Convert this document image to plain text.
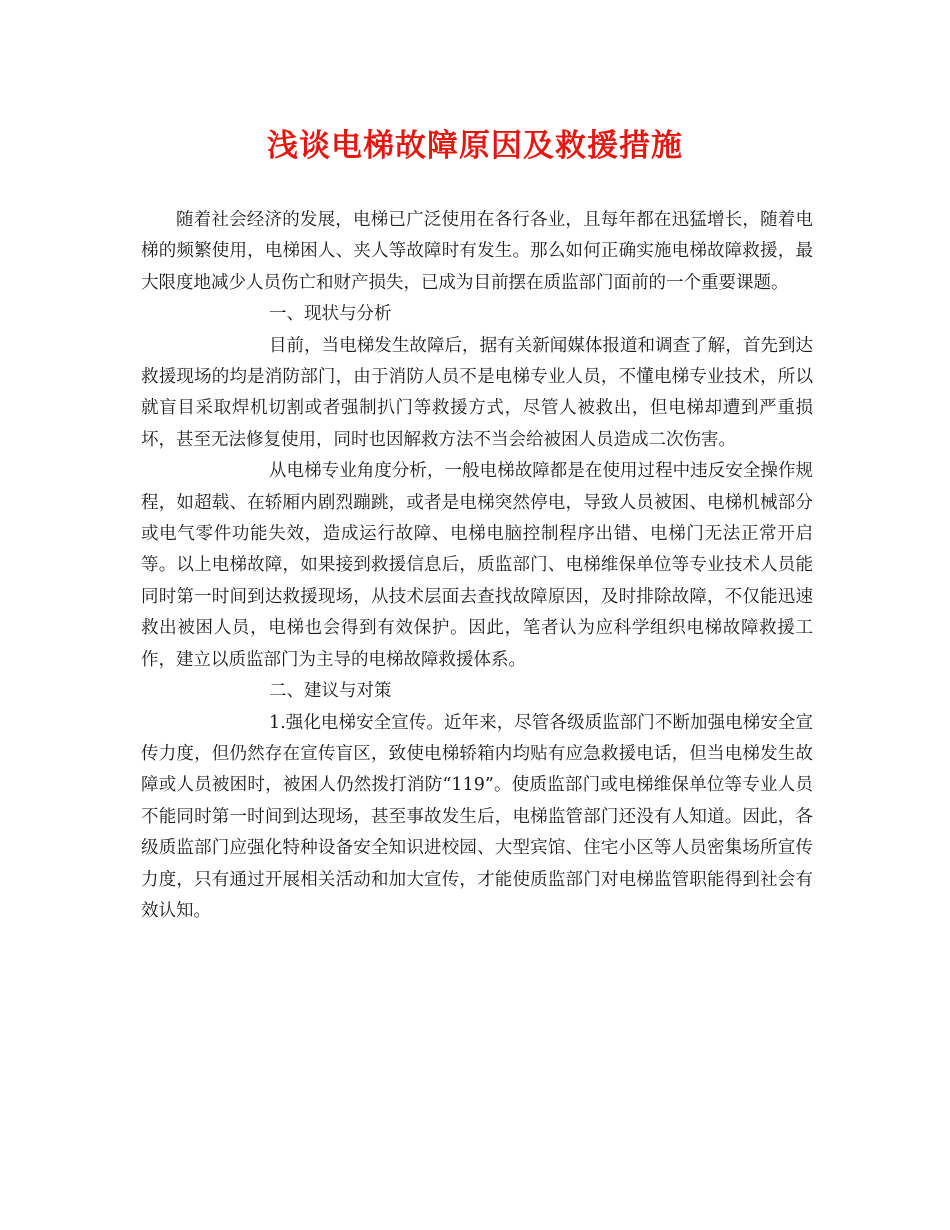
浅谈电梯故障原因及救援措施

随着社会经济的发展，电梯已广泛使用在各行各业，且每年都在迅猛增长，随着电梯的频繁使用，电梯困人、夹人等故障时有发生。那么如何正确实施电梯故障救援，最大限度地减少人员伤亡和财产损失，已成为目前摆在质监部门面前的一个重要课题。

一、现状与分析

目前，当电梯发生故障后，据有关新闻媒体报道和调查了解，首先到达救援现场的均是消防部门，由于消防人员不是电梯专业人员，不懂电梯专业技术，所以就盲目采取焊机切割或者强制扒门等救援方式，尽管人被救出，但电梯却遭到严重损坏，甚至无法修复使用，同时也因解救方法不当会给被困人员造成二次伤害。

从电梯专业角度分析，一般电梯故障都是在使用过程中违反安全操作规程，如超载、在轿厢内剧烈蹦跳，或者是电梯突然停电，导致人员被困、电梯机械部分或电气零件功能失效，造成运行故障、电梯电脑控制程序出错、电梯门无法正常开启等。以上电梯故障，如果接到救援信息后，质监部门、电梯维保单位等专业技术人员能同时第一时间到达救援现场，从技术层面去查找故障原因，及时排除故障，不仅能迅速救出被困人员，电梯也会得到有效保护。因此，笔者认为应科学组织电梯故障救援工作，建立以质监部门为主导的电梯故障救援体系。

二、建议与对策

1.强化电梯安全宣传。近年来，尽管各级质监部门不断加强电梯安全宣传力度，但仍然存在宣传盲区，致使电梯轿箱内均贴有应急救援电话，但当电梯发生故障或人员被困时，被困人仍然拨打消防“119”。使质监部门或电梯维保单位等专业人员不能同时第一时间到达现场，甚至事故发生后，电梯监管部门还没有人知道。因此，各级质监部门应强化特种设备安全知识进校园、大型宾馆、住宅小区等人员密集场所宣传力度，只有通过开展相关活动和加大宣传，才能使质监部门对电梯监管职能得到社会有效认知。
